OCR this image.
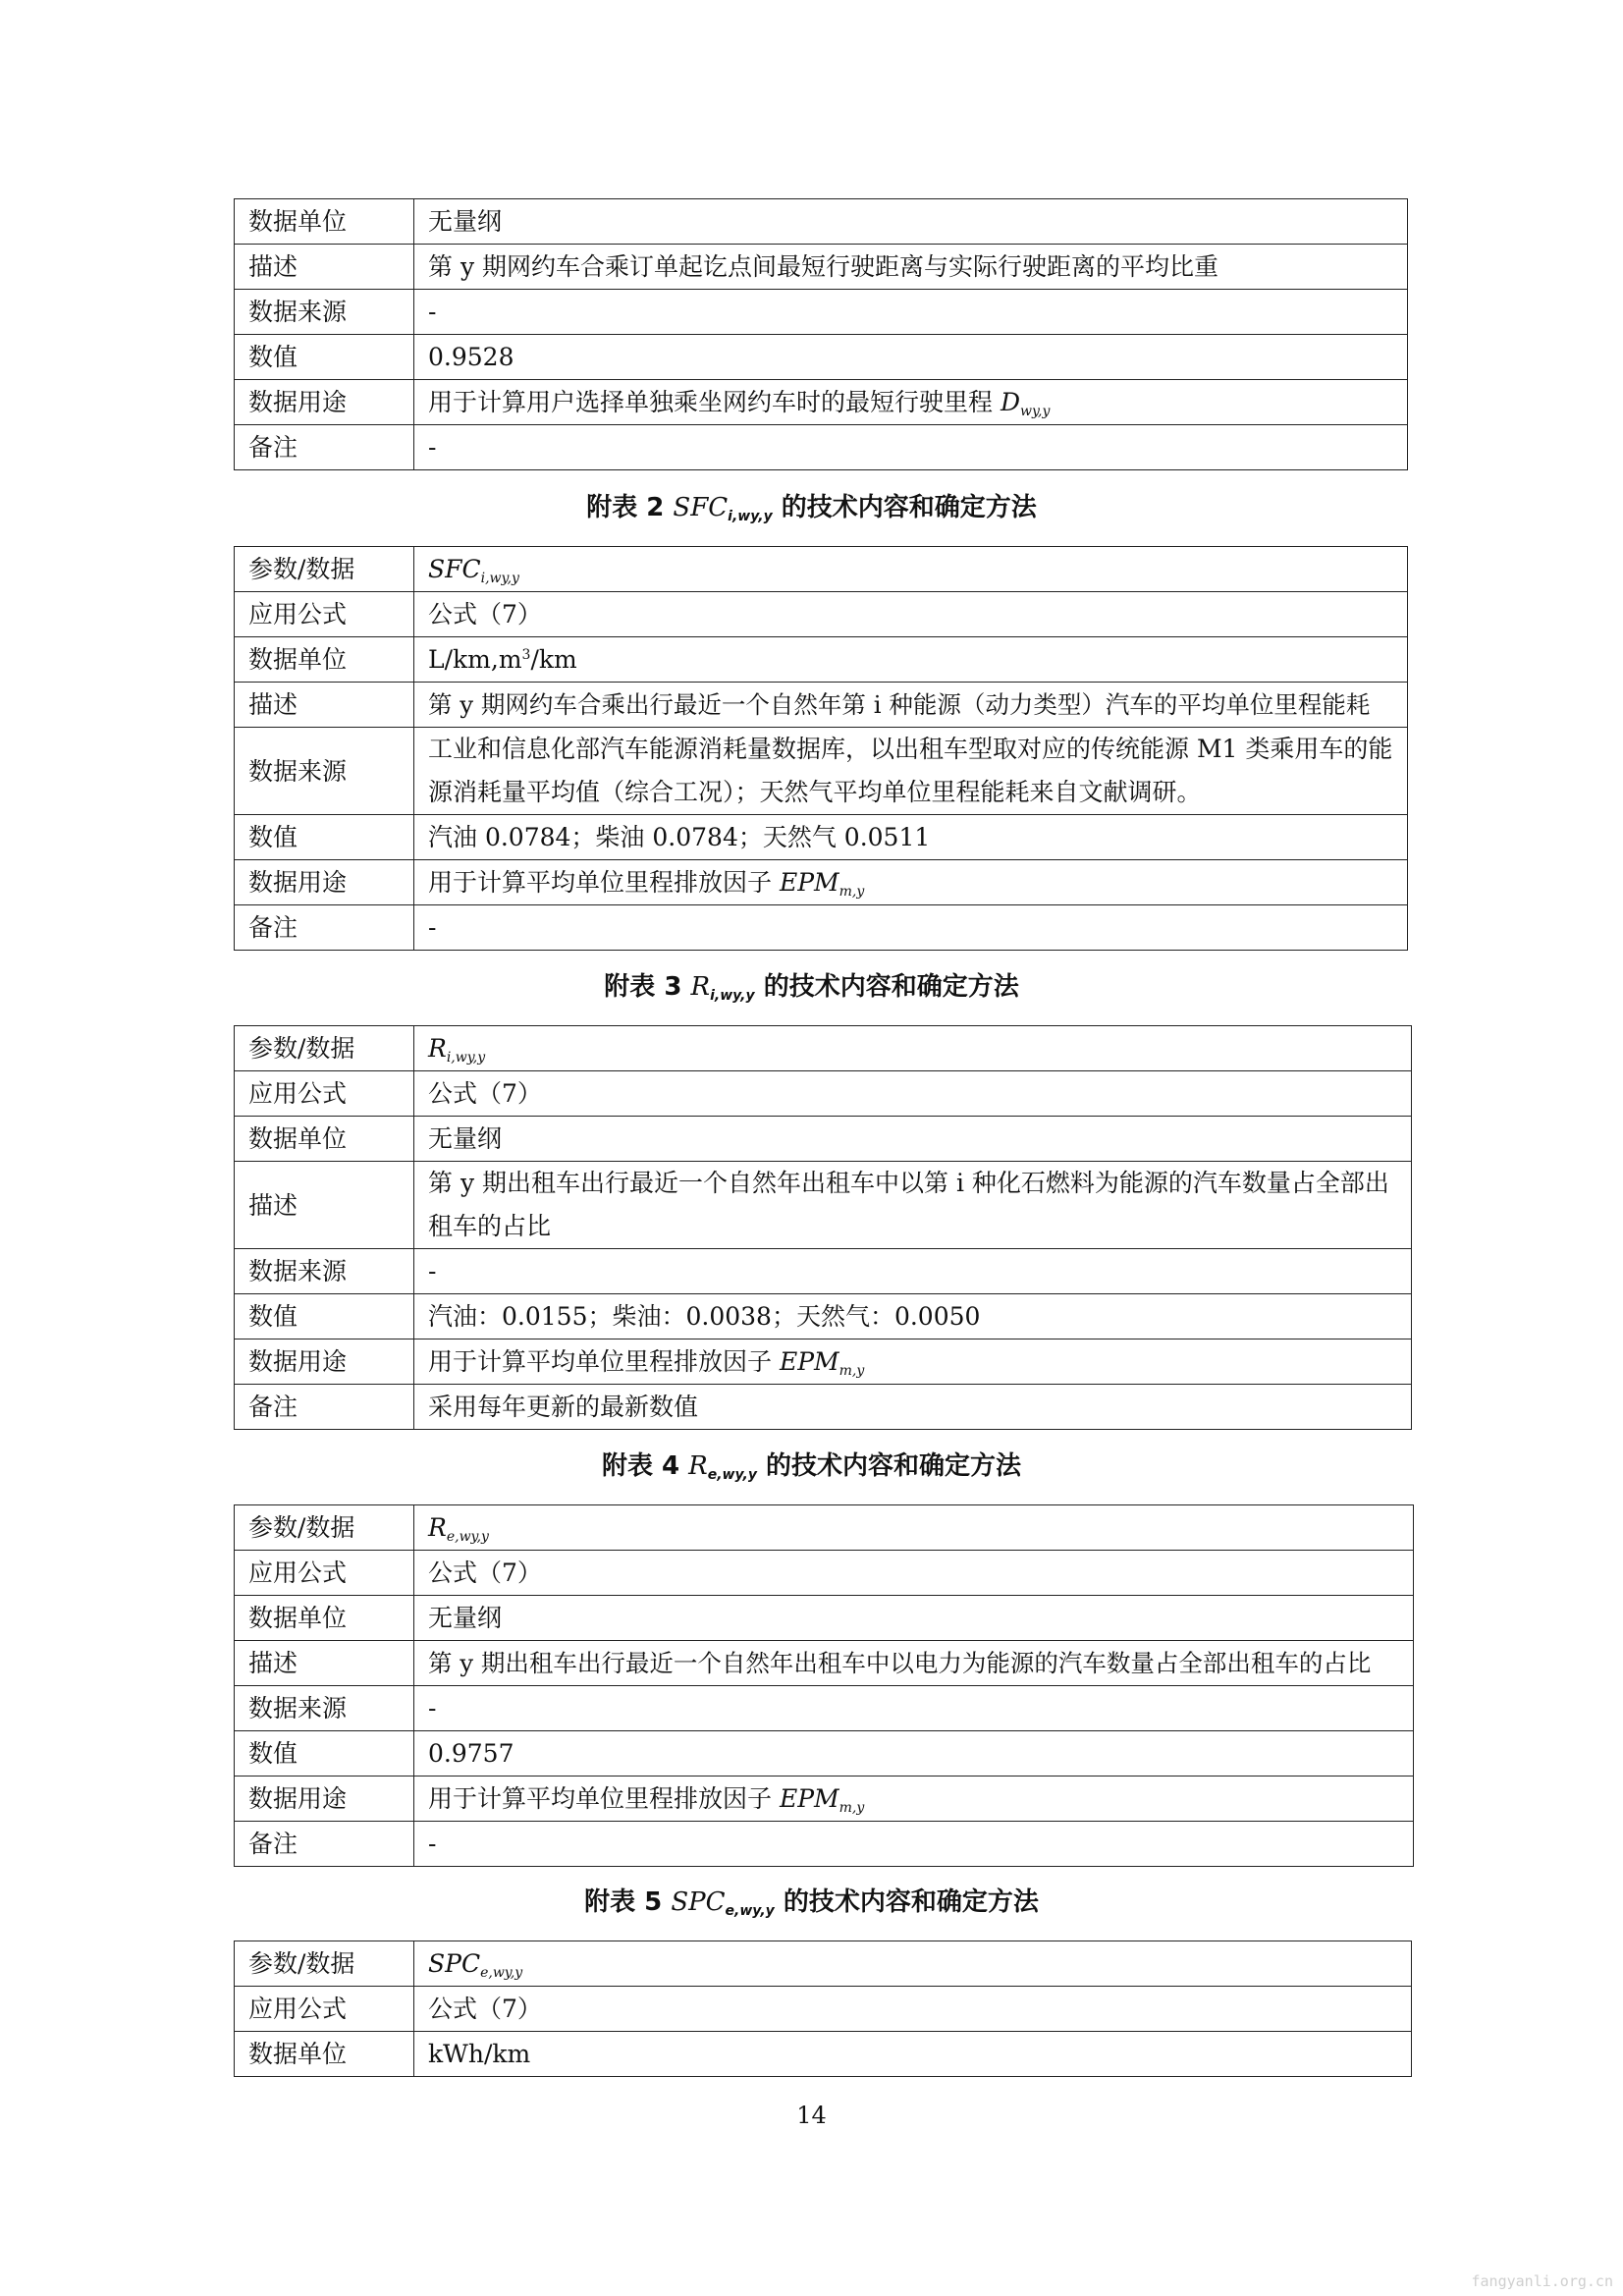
数据单位	无量纲
描述	第 y 期网约车合乘订单起讫点间最短行驶距离与实际行驶距离的平均比重
数据来源	-
数值	0.9528
数据用途	用于计算用户选择单独乘坐网约车时的最短行驶里程 $D_{wy,y}$
备注	-
附表 2 $SFC_{i,wy,y}$ 的技术内容和确定方法
参数/数据	$SFC_{i,wy,y}$
应用公式	公式（7）
数据单位	$L/km,m^3/km$
描述	第 y 期网约车合乘出行最近一个自然年第 i 种能源（动力类型）汽车的平均单位里程能耗
数据来源	工业和信息化部汽车能源消耗量数据库，以出租车型取对应的传统能源 M1 类乘用车的能源消耗量平均值（综合工况）；天然气平均单位里程能耗来自文献调研。
数值	汽油 0.0784；柴油 0.0784；天然气 0.0511
数据用途	用于计算平均单位里程排放因子 $EPM_{m,y}$
备注	-
附表 3 $R_{i,wy,y}$ 的技术内容和确定方法
参数/数据	$R_{i,wy,y}$
应用公式	公式（7）
数据单位	无量纲
描述	第 y 期出租车出行最近一个自然年出租车中以第 i 种化石燃料为能源的汽车数量占全部出租车的占比
数据来源	-
数值	汽油：0.0155；柴油：0.0038；天然气：0.0050
数据用途	用于计算平均单位里程排放因子 $EPM_{m,y}$
备注	采用每年更新的最新数值
附表 4 $R_{e,wy,y}$ 的技术内容和确定方法
参数/数据	$R_{e,wy,y}$
应用公式	公式（7）
数据单位	无量纲
描述	第 y 期出租车出行最近一个自然年出租车中以电力为能源的汽车数量占全部出租车的占比
数据来源	-
数值	0.9757
数据用途	用于计算平均单位里程排放因子 $EPM_{m,y}$
备注	-
附表 5 $SPC_{e,wy,y}$ 的技术内容和确定方法
参数/数据	$SPC_{e,wy,y}$
应用公式	公式（7）
数据单位	kWh/km
14
fangyanli.org.cn
